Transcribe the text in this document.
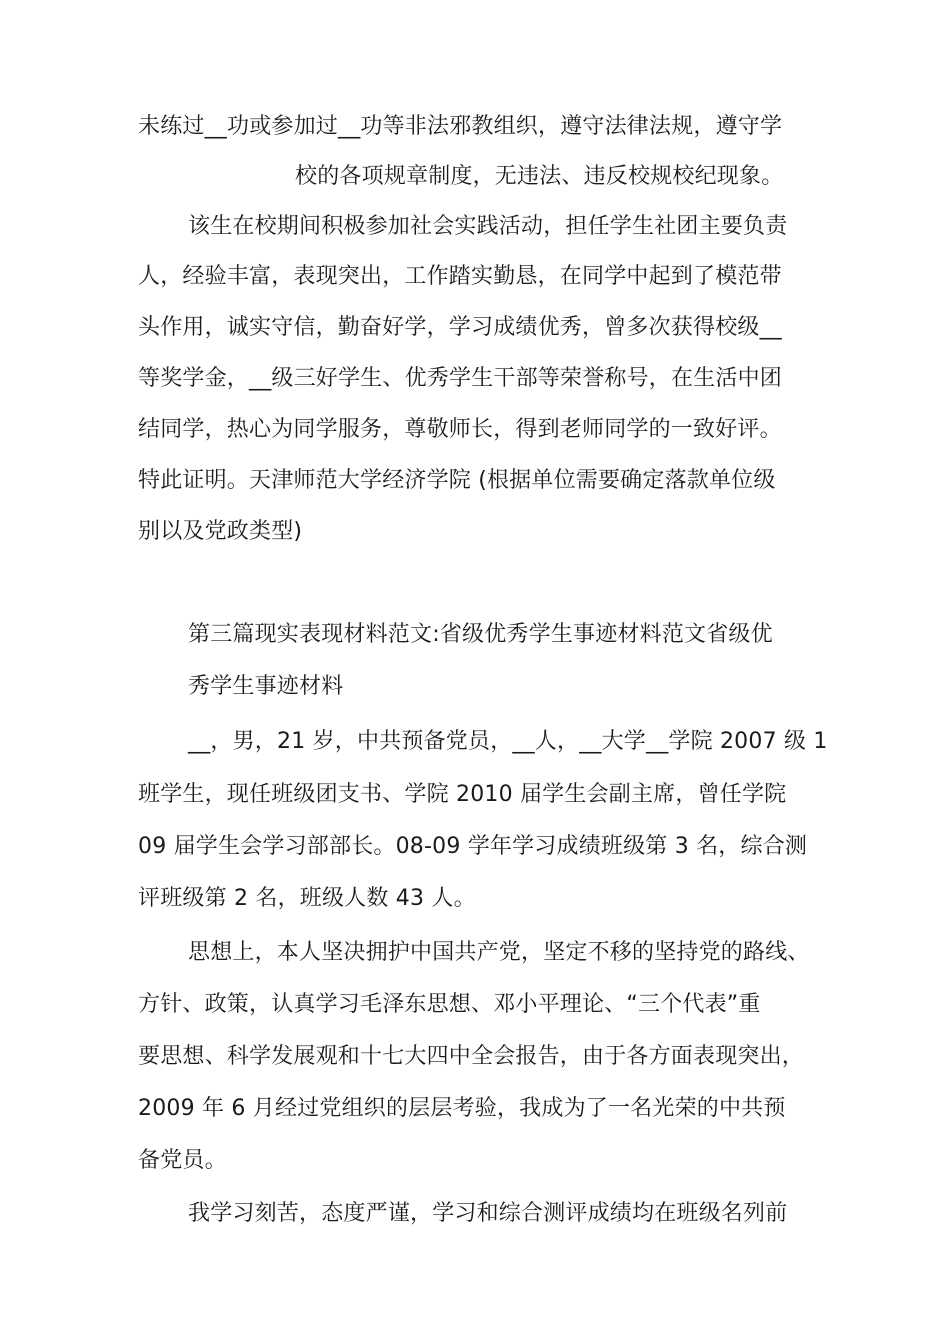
未练过__功或参加过__功等非法邪教组织，遵守法律法规，遵守学
校的各项规章制度，无违法、违反校规校纪现象。
该生在校期间积极参加社会实践活动，担任学生社团主要负责
人，经验丰富，表现突出，工作踏实勤恳，在同学中起到了模范带
头作用，诚实守信，勤奋好学，学习成绩优秀，曾多次获得校级__
等奖学金，__级三好学生、优秀学生干部等荣誉称号，在生活中团
结同学，热心为同学服务，尊敬师长，得到老师同学的一致好评。
特此证明。天津师范大学经济学院 (根据单位需要确定落款单位级
别以及党政类型)
第三篇现实表现材料范文:省级优秀学生事迹材料范文省级优
秀学生事迹材料
__，男，21 岁，中共预备党员，__人，__大学__学院 2007 级 1
班学生，现任班级团支书、学院 2010 届学生会副主席，曾任学院
09 届学生会学习部部长。08-09 学年学习成绩班级第 3 名，综合测
评班级第 2 名，班级人数 43 人。
思想上，本人坚决拥护中国共产党，坚定不移的坚持党的路线、
方针、政策，认真学习毛泽东思想、邓小平理论、“三个代表”重
要思想、科学发展观和十七大四中全会报告，由于各方面表现突出，
2009 年 6 月经过党组织的层层考验，我成为了一名光荣的中共预
备党员。
我学习刻苦，态度严谨，学习和综合测评成绩均在班级名列前
